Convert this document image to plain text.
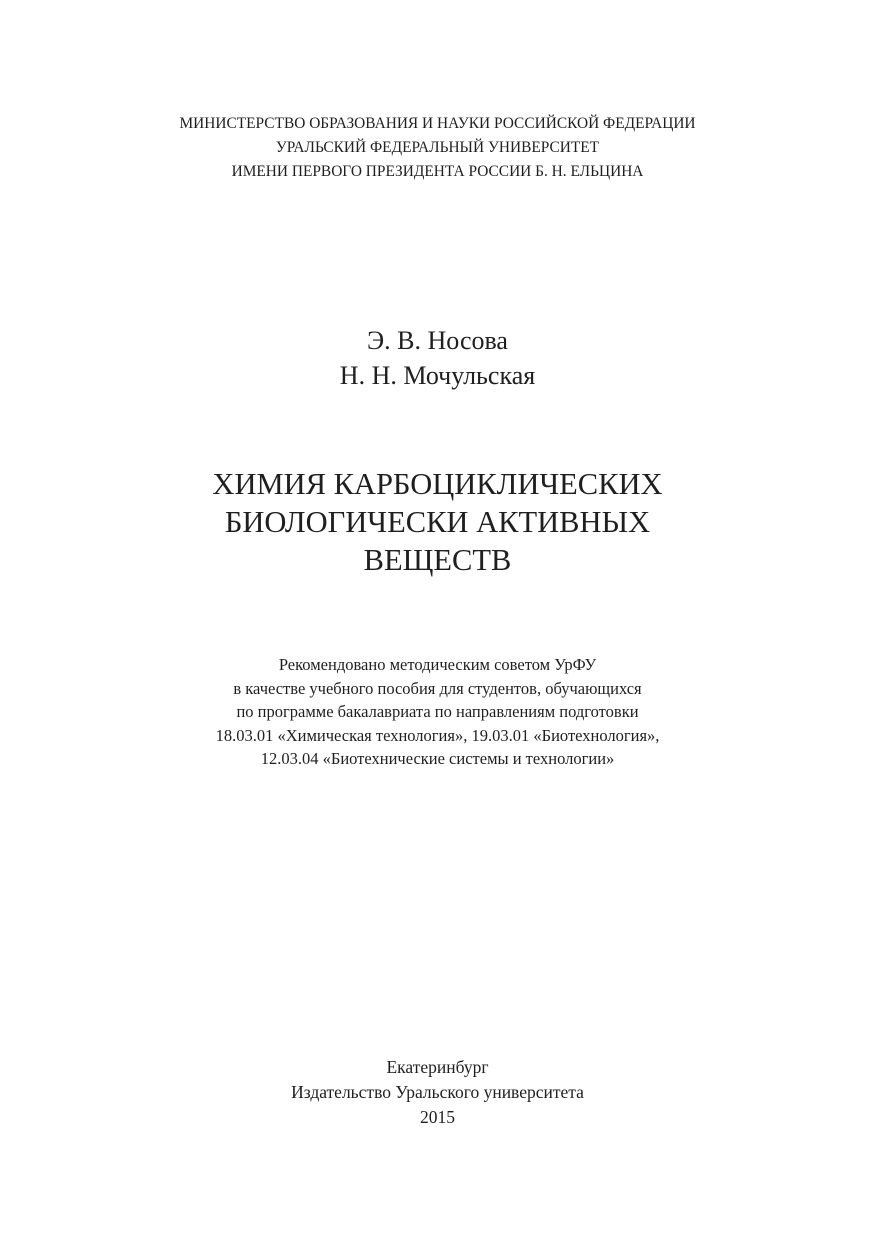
МИНИСТЕРСТВО ОБРАЗОВАНИЯ И НАУКИ РОССИЙСКОЙ ФЕДЕРАЦИИ
УРАЛЬСКИЙ ФЕДЕРАЛЬНЫЙ УНИВЕРСИТЕТ
ИМЕНИ ПЕРВОГО ПРЕЗИДЕНТА РОССИИ Б. Н. ЕЛЬЦИНА
Э. В. Носова
Н. Н. Мочульская
ХИМИЯ КАРБОЦИКЛИЧЕСКИХ
БИОЛОГИЧЕСКИ АКТИВНЫХ
ВЕЩЕСТВ
Рекомендовано методическим советом УрФУ
в качестве учебного пособия для студентов, обучающихся
по программе бакалавриата по направлениям подготовки
18.03.01 «Химическая технология», 19.03.01 «Биотехнология»,
12.03.04 «Биотехнические системы и технологии»
Екатеринбург
Издательство Уральского университета
2015
